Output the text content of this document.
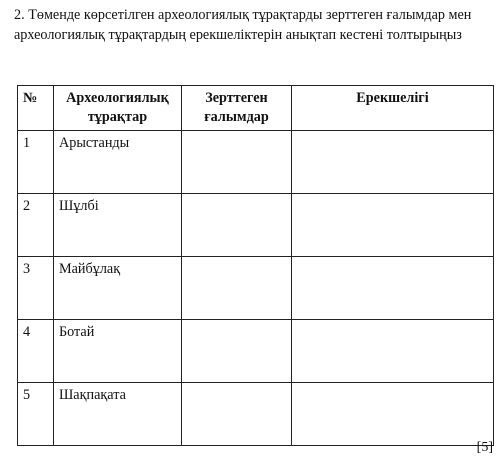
2. Төменде көрсетілген археологиялық тұрақтарды зерттеген ғалымдар мен археологиялық тұрақтардың ерекшеліктерін анықтап кестені толтырыңыз

№	Археологиялық тұрақтар	Зерттеген ғалымдар	Ерекшелігі
1	Арыстанды		
2	Шұлбі		
3	Майбұлақ		
4	Ботай		
5	Шақпақата		
[5]
